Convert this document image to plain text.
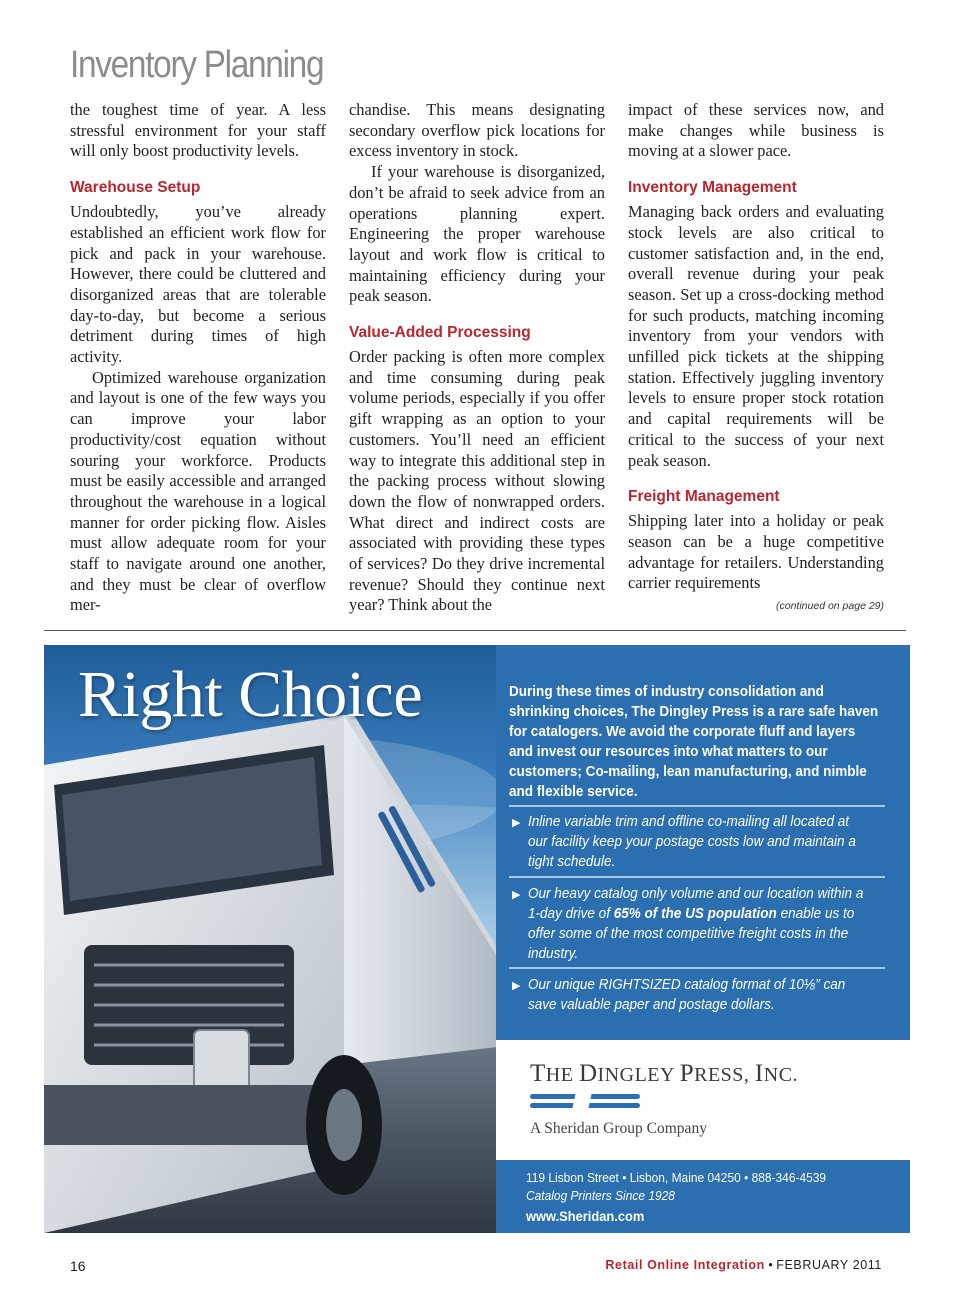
Inventory Planning

the toughest time of year. A less stressful environment for your staff will only boost productivity levels.

Warehouse Setup

Undoubtedly, you’ve already established an efficient work flow for pick and pack in your warehouse. However, there could be cluttered and disorganized areas that are tolerable day-to-day, but become a serious detriment during times of high activity.

Optimized warehouse organization and layout is one of the few ways you can improve your labor productivity/cost equation without souring your workforce. Products must be easily accessible and arranged throughout the warehouse in a logical manner for order picking flow. Aisles must allow adequate room for your staff to navigate around one another, and they must be clear of overflow mer-

chandise. This means designating secondary overflow pick locations for excess inventory in stock.

If your warehouse is disorganized, don’t be afraid to seek advice from an operations planning expert. Engineering the proper warehouse layout and work flow is critical to maintaining efficiency during your peak season.

Value-Added Processing

Order packing is often more complex and time consuming during peak volume periods, especially if you offer gift wrapping as an option to your customers. You’ll need an efficient way to integrate this additional step in the packing process without slowing down the flow of nonwrapped orders. What direct and indirect costs are associated with providing these types of services? Do they drive incremental revenue? Should they continue next year? Think about the

impact of these services now, and make changes while business is moving at a slower pace.

Inventory Management

Managing back orders and evaluating stock levels are also critical to customer satisfaction and, in the end, overall revenue during your peak season. Set up a cross-docking method for such products, matching incoming inventory from your vendors with unfilled pick tickets at the shipping station. Effectively juggling inventory levels to ensure proper stock rotation and capital requirements will be critical to the success of your next peak season.

Freight Management

Shipping later into a holiday or peak season can be a huge competitive advantage for retailers. Understanding carrier requirements

(continued on page 29)
Right Choice	During these times of industry consolidation and shrinking choices, The Dingley Press is a rare safe haven for catalogers. We avoid the corporate fluff and layers and invest our resources into what matters to our customers; Co-mailing, lean manufacturing, and nimble and flexible service.

▶ Inline variable trim and offline co-mailing all located at our facility keep your postage costs low and maintain a tight schedule.
▶ Our heavy catalog only volume and our location within a 1-day drive of 65% of the US population enable us to offer some of the most competitive freight costs in the industry.
▶ Our unique RIGHTSIZED catalog format of 10⅛” can save valuable paper and postage dollars.
THE DINGLEY PRESS, INC.
A Sheridan Group Company
119 Lisbon Street • Lisbon, Maine 04250 • 888-346-4539
Catalog Printers Since 1928
www.Sheridan.com
16	Retail Online Integration • FEBRUARY 2011
